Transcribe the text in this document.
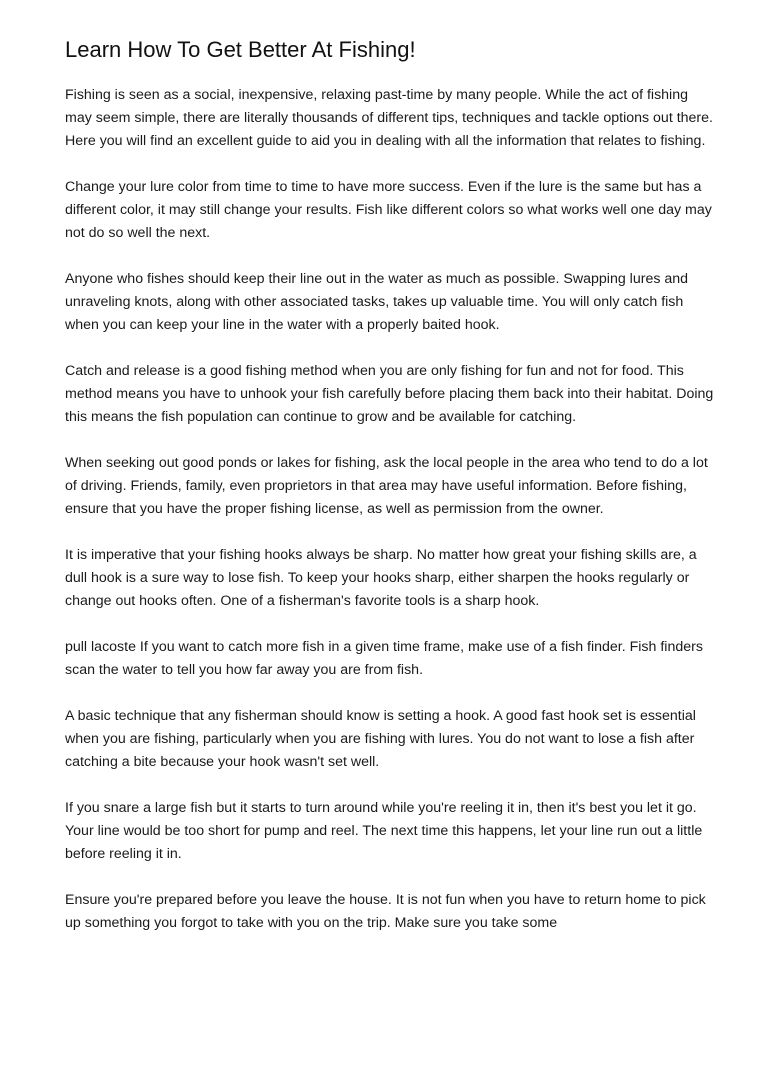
Learn How To Get Better At Fishing!

Fishing is seen as a social, inexpensive, relaxing past-time by many people. While the act of fishing may seem simple, there are literally thousands of different tips, techniques and tackle options out there. Here you will find an excellent guide to aid you in dealing with all the information that relates to fishing.

Change your lure color from time to time to have more success. Even if the lure is the same but has a different color, it may still change your results. Fish like different colors so what works well one day may not do so well the next.

Anyone who fishes should keep their line out in the water as much as possible. Swapping lures and unraveling knots, along with other associated tasks, takes up valuable time. You will only catch fish when you can keep your line in the water with a properly baited hook.

Catch and release is a good fishing method when you are only fishing for fun and not for food. This method means you have to unhook your fish carefully before placing them back into their habitat. Doing this means the fish population can continue to grow and be available for catching.

When seeking out good ponds or lakes for fishing, ask the local people in the area who tend to do a lot of driving. Friends, family, even proprietors in that area may have useful information. Before fishing, ensure that you have the proper fishing license, as well as permission from the owner.

It is imperative that your fishing hooks always be sharp. No matter how great your fishing skills are, a dull hook is a sure way to lose fish. To keep your hooks sharp, either sharpen the hooks regularly or change out hooks often. One of a fisherman's favorite tools is a sharp hook.

pull lacoste If you want to catch more fish in a given time frame, make use of a fish finder. Fish finders scan the water to tell you how far away you are from fish.

A basic technique that any fisherman should know is setting a hook. A good fast hook set is essential when you are fishing, particularly when you are fishing with lures. You do not want to lose a fish after catching a bite because your hook wasn't set well.

If you snare a large fish but it starts to turn around while you're reeling it in, then it's best you let it go. Your line would be too short for pump and reel. The next time this happens, let your line run out a little before reeling it in.

Ensure you're prepared before you leave the house. It is not fun when you have to return home to pick up something you forgot to take with you on the trip. Make sure you take some
